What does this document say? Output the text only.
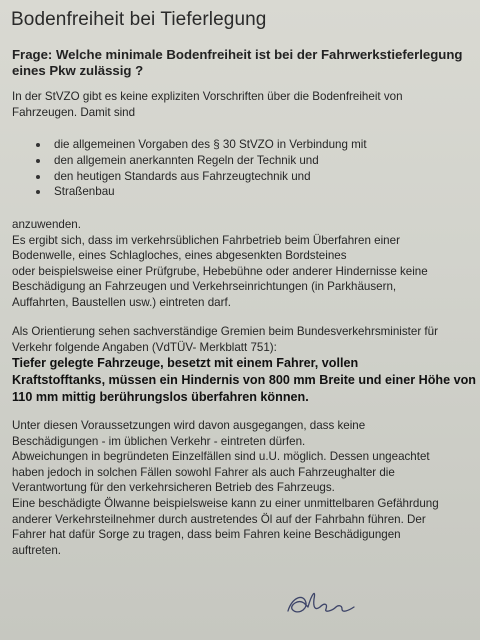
Bodenfreiheit bei Tieferlegung
Frage: Welche minimale Bodenfreiheit ist bei der Fahrwerkstieferlegung
eines Pkw zulässig ?
In der StVZO gibt es keine expliziten Vorschriften über die Bodenfreiheit von
Fahrzeugen. Damit sind
die allgemeinen Vorgaben des § 30 StVZO in Verbindung mit
den allgemein anerkannten Regeln der Technik und
den heutigen Standards aus Fahrzeugtechnik und
Straßenbau
anzuwenden.
Es ergibt sich, dass im verkehrsüblichen Fahrbetrieb beim Überfahren einer
Bodenwelle, eines Schlagloches, eines abgesenkten Bordsteines
oder beispielsweise einer Prüfgrube, Hebebühne oder anderer Hindernisse keine
Beschädigung an Fahrzeugen und Verkehrseinrichtungen (in Parkhäusern,
Auffahrten, Baustellen usw.) eintreten darf.
Als Orientierung sehen sachverständige Gremien beim Bundesverkehrsminister für
Verkehr folgende Angaben (VdTÜV- Merkblatt 751):
Tiefer gelegte Fahrzeuge, besetzt mit einem Fahrer, vollen
Kraftstofftanks, müssen ein Hindernis von 800 mm Breite und einer Höhe von
110 mm mittig berührungslos überfahren können.
Unter diesen Voraussetzungen wird davon ausgegangen, dass keine
Beschädigungen - im üblichen Verkehr - eintreten dürfen.
Abweichungen in begründeten Einzelfällen sind u.U. möglich. Dessen ungeachtet
haben jedoch in solchen Fällen sowohl Fahrer als auch Fahrzeughalter die
Verantwortung für den verkehrsicheren Betrieb des Fahrzeugs.
Eine beschädigte Ölwanne beispielsweise kann zu einer unmittelbaren Gefährdung
anderer Verkehrsteilnehmer durch austretendes Öl auf der Fahrbahn führen. Der
Fahrer hat dafür Sorge zu tragen, dass beim Fahren keine Beschädigungen
auftreten.
